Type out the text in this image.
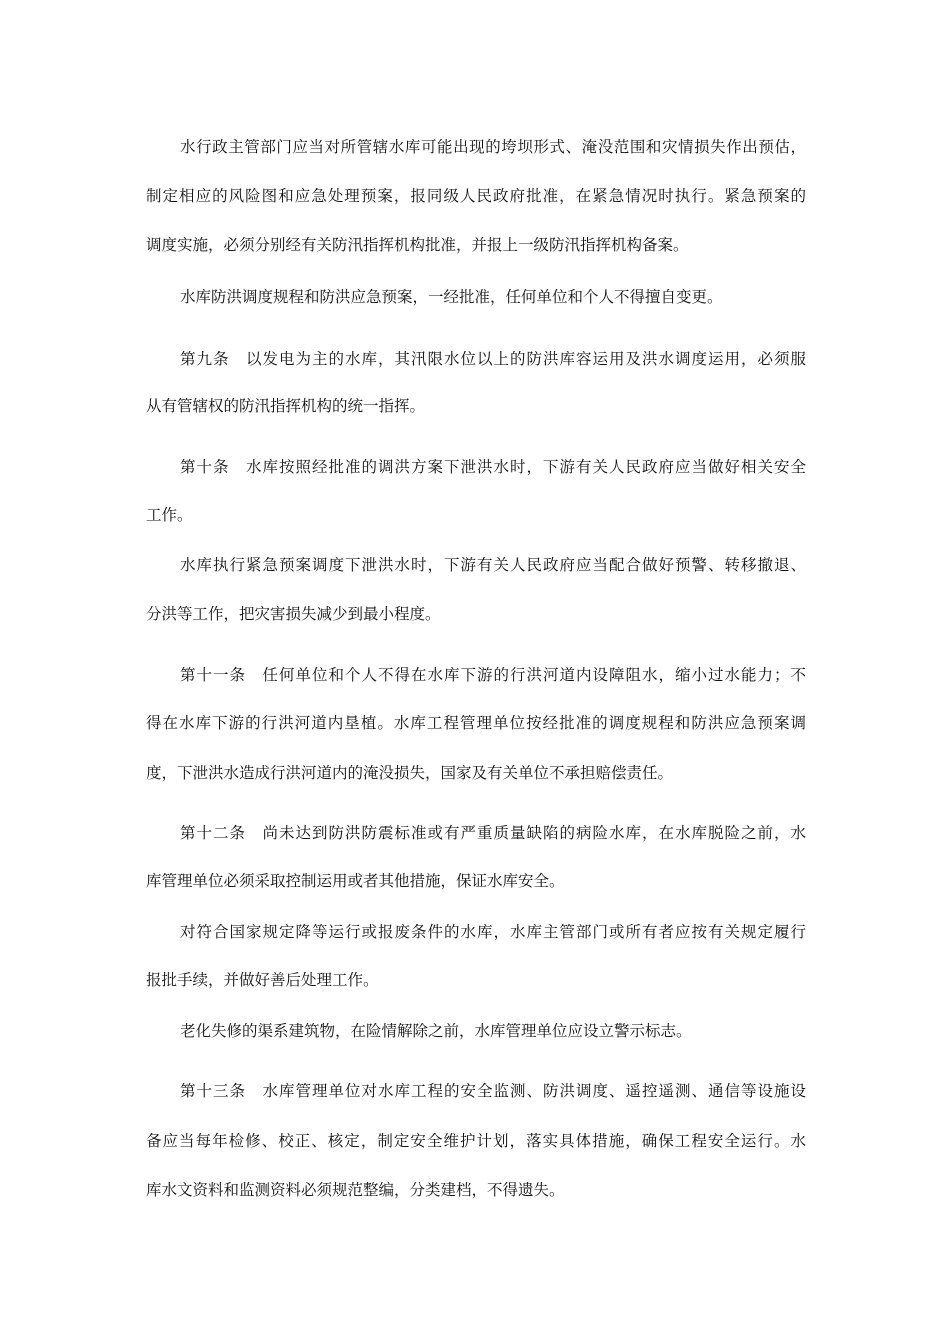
水行政主管部门应当对所管辖水库可能出现的垮坝形式、淹没范围和灾情损失作出预估，
制定相应的风险图和应急处理预案，报同级人民政府批准，在紧急情况时执行。紧急预案的
调度实施，必须分别经有关防汛指挥机构批准，并报上一级防汛指挥机构备案。
水库防洪调度规程和防洪应急预案，一经批准，任何单位和个人不得擅自变更。
第九条　以发电为主的水库，其汛限水位以上的防洪库容运用及洪水调度运用，必须服
从有管辖权的防汛指挥机构的统一指挥。
第十条　水库按照经批准的调洪方案下泄洪水时，下游有关人民政府应当做好相关安全
工作。
水库执行紧急预案调度下泄洪水时，下游有关人民政府应当配合做好预警、转移撤退、
分洪等工作，把灾害损失减少到最小程度。
第十一条　任何单位和个人不得在水库下游的行洪河道内设障阻水，缩小过水能力；不
得在水库下游的行洪河道内垦植。水库工程管理单位按经批准的调度规程和防洪应急预案调
度，下泄洪水造成行洪河道内的淹没损失，国家及有关单位不承担赔偿责任。
第十二条　尚未达到防洪防震标准或有严重质量缺陷的病险水库，在水库脱险之前，水
库管理单位必须采取控制运用或者其他措施，保证水库安全。
对符合国家规定降等运行或报废条件的水库，水库主管部门或所有者应按有关规定履行
报批手续，并做好善后处理工作。
老化失修的渠系建筑物，在险情解除之前，水库管理单位应设立警示标志。
第十三条　水库管理单位对水库工程的安全监测、防洪调度、遥控遥测、通信等设施设
备应当每年检修、校正、核定，制定安全维护计划，落实具体措施，确保工程安全运行。水
库水文资料和监测资料必须规范整编，分类建档，不得遗失。
